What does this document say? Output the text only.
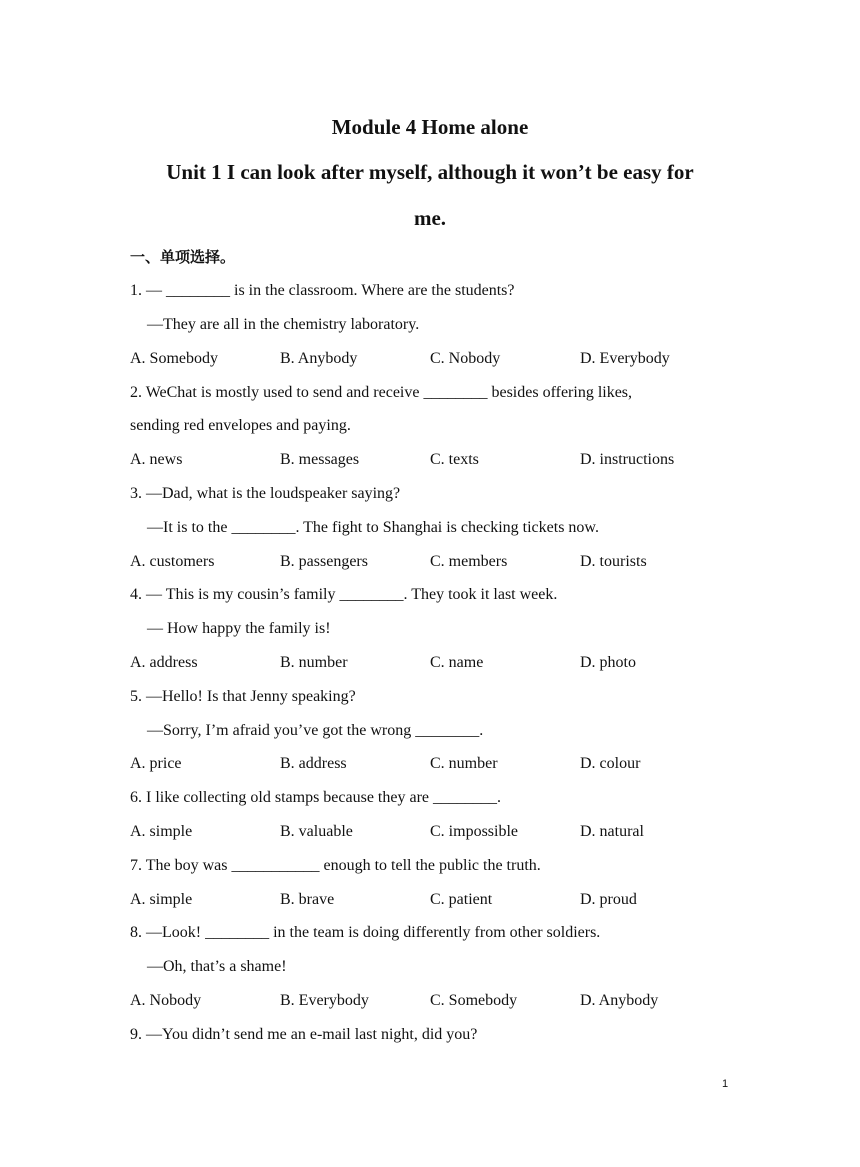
Module 4 Home alone
Unit 1 I can look after myself, although it won’t be easy for
me.
一、单项选择。
1. — ________ is in the classroom. Where are the students?
—They are all in the chemistry laboratory.
A. Somebody	B. Anybody	C. Nobody	D. Everybody
2. WeChat is mostly used to send and receive ________ besides offering likes,
sending red envelopes and paying.
A. news	B. messages	C. texts	D. instructions
3. —Dad, what is the loudspeaker saying?
—It is to the ________. The fight to Shanghai is checking tickets now.
A. customers	B. passengers	C. members	D. tourists
4. — This is my cousin’s family ________. They took it last week.
— How happy the family is!
A. address	B. number	C. name	D. photo
5. —Hello! Is that Jenny speaking?
—Sorry, I’m afraid you’ve got the wrong ________.
A. price	B. address	C. number	D. colour
6. I like collecting old stamps because they are ________.
A. simple	B. valuable	C. impossible	D. natural
7. The boy was ___________ enough to tell the public the truth.
A. simple	B. brave	C. patient	D. proud
8. —Look! ________ in the team is doing differently from other soldiers.
—Oh, that’s a shame!
A. Nobody	B. Everybody	C. Somebody	D. Anybody
9. —You didn’t send me an e-mail last night, did you?
1
